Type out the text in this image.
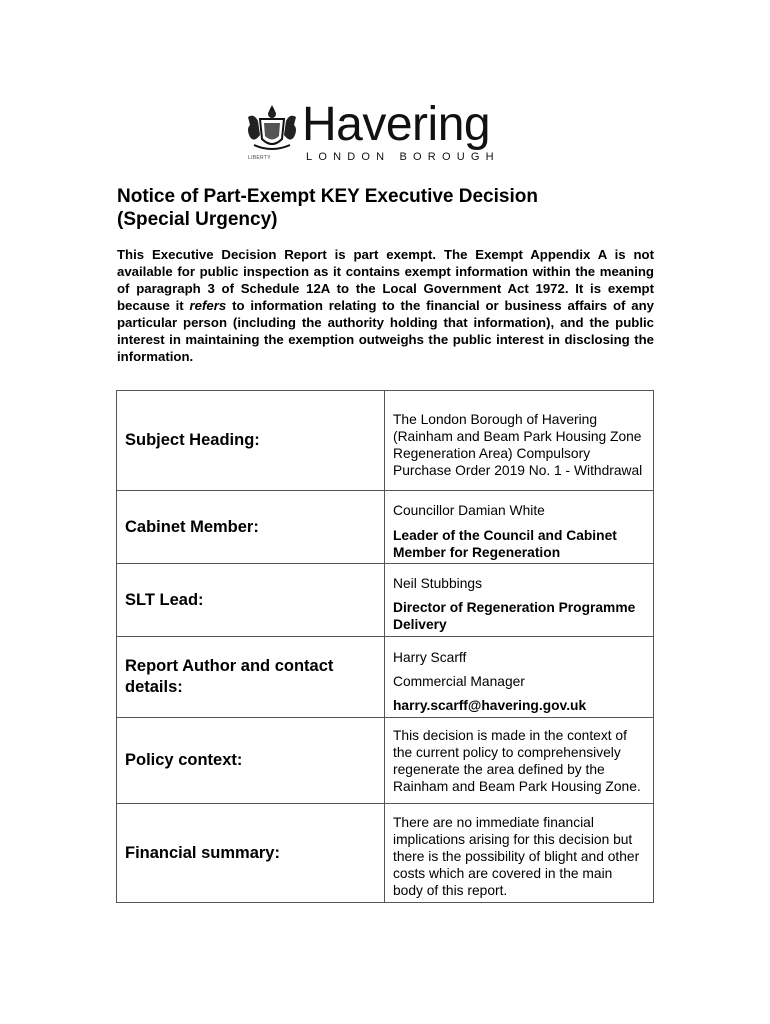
LIBERTY
Havering
LONDON BOROUGH
Notice of Part-Exempt KEY Executive Decision
(Special Urgency)

This Executive Decision Report is part exempt. The Exempt Appendix A is not available for public inspection as it contains exempt information within the meaning of paragraph 3 of Schedule 12A to the Local Government Act 1972. It is exempt because it refers to information relating to the financial or business affairs of any particular person (including the authority holding that information), and the public interest in maintaining the exemption outweighs the public interest in disclosing the information.

Subject Heading:	The London Borough of Havering (Rainham and Beam Park Housing Zone Regeneration Area) Compulsory Purchase Order 2019 No. 1 - Withdrawal

Cabinet Member:	Councillor Damian White
Leader of the Council and Cabinet Member for Regeneration

SLT Lead:	Neil Stubbings
Director of Regeneration Programme Delivery

Report Author and contact details:	Harry Scarff
Commercial Manager
harry.scarff@havering.gov.uk

Policy context:	This decision is made in the context of the current policy to comprehensively regenerate the area defined by the Rainham and Beam Park Housing Zone.

Financial summary:	There are no immediate financial implications arising for this decision but there is the possibility of blight and other costs which are covered in the main body of this report.
